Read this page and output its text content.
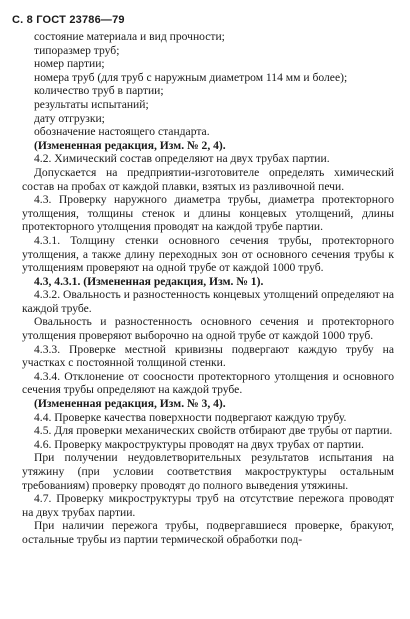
С. 8 ГОСТ 23786—79

состояние материала и вид прочности;

типоразмер труб;

номер партии;

номера труб (для труб с наружным диаметром 114 мм и более);

количество труб в партии;

результаты испытаний;

дату отгрузки;

обозначение настоящего стандарта.

(Измененная редакция, Изм. № 2, 4).

4.2. Химический состав определяют на двух трубах партии.

Допускается на предприятии-изготовителе определять химический состав на пробах от каждой плавки, взятых из разливочной печи.

4.3. Проверку наружного диаметра трубы, диаметра протекторного утолщения, толщины стенок и длины концевых утолщений, длины протекторного утолщения проводят на каждой трубе партии.

4.3.1. Толщину стенки основного сечения трубы, протекторного утолщения, а также длину переходных зон от основного сечения трубы к утолщениям проверяют на одной трубе от каждой 1000 труб.

4.3, 4.3.1. (Измененная редакция, Изм. № 1).

4.3.2. Овальность и разностенность концевых утолщений определяют на каждой трубе.

Овальность и разностенность основного сечения и протекторного утолщения проверяют выборочно на одной трубе от каждой 1000 труб.

4.3.3. Проверке местной кривизны подвергают каждую трубу на участках с постоянной толщиной стенки.

4.3.4. Отклонение от соосности протекторного утолщения и основного сечения трубы определяют на каждой трубе.

(Измененная редакция, Изм. № 3, 4).

4.4. Проверке качества поверхности подвергают каждую трубу.

4.5. Для проверки механических свойств отбирают две трубы от партии.

4.6. Проверку макроструктуры проводят на двух трубах от партии.

При получении неудовлетворительных результатов испытания на утяжину (при условии соответствия макроструктуры остальным требованиям) проверку проводят до полного выведения утяжины.

4.7. Проверку микроструктуры труб на отсутствие пережога проводят на двух трубах партии.

При наличии пережога трубы, подвергавшиеся проверке, бракуют, остальные трубы из партии термической обработки под-
